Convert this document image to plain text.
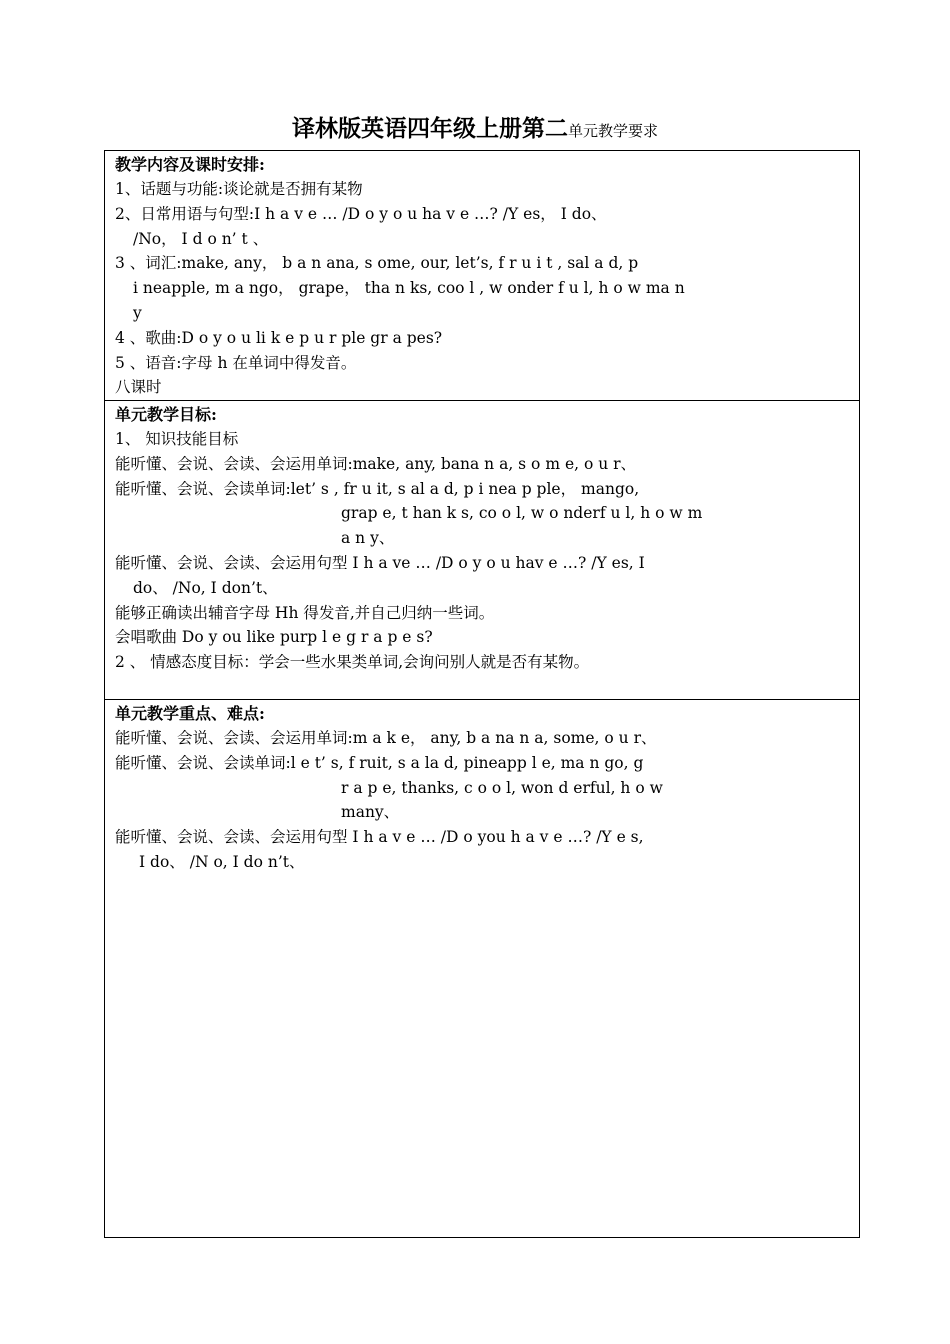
译林版英语四年级上册第二单元教学要求
教学内容及课时安排:
1、话题与功能:谈论就是否拥有某物
2、日常用语与句型:I h a v e … /D o y o u ha v e …? /Y es， I do、
/No， I d o n’ t 、
3 、词汇:make, any， b a n ana, s ome, our, let’s, f r u i t , sal a d, p
i neapple, m a ngo， grape， tha n ks, coo l , w onder f u l, h o w ma n
y
4 、歌曲:D o y o u li k e p u r ple gr a pes?
5 、语音:字母 h 在单词中得发音。
八课时
单元教学目标:
1、 知识技能目标
能听懂、会说、会读、会运用单词:make, any, bana n a, s o m e, o u r、
能听懂、会说、会读单词:let’ s , fr u it, s al a d, p i nea p ple， mango,
grap e, t han k s, co o l, w o nderf u l, h o w m
a n y、
能听懂、会说、会读、会运用句型 I h a ve … /D o y o u hav e …? /Y es, I
do、 /No, I don’t、
能够正确读出辅音字母 Hh 得发音,并自己归纳一些词。
会唱歌曲 Do y ou like purp l e g r a p e s?
2 、 情感态度目标：学会一些水果类单词,会询问别人就是否有某物。
单元教学重点、难点:
能听懂、会说、会读、会运用单词:m a k e， any, b a na n a, some, o u r、
能听懂、会说、会读单词:l e t’ s, f ruit, s a la d, pineapp l e, ma n go, g
r a p e, thanks, c o o l, won d erful, h o w
many、
能听懂、会说、会读、会运用句型 I h a v e … /D o you h a v e …? /Y e s,
I do、 /N o, I do n’t、
